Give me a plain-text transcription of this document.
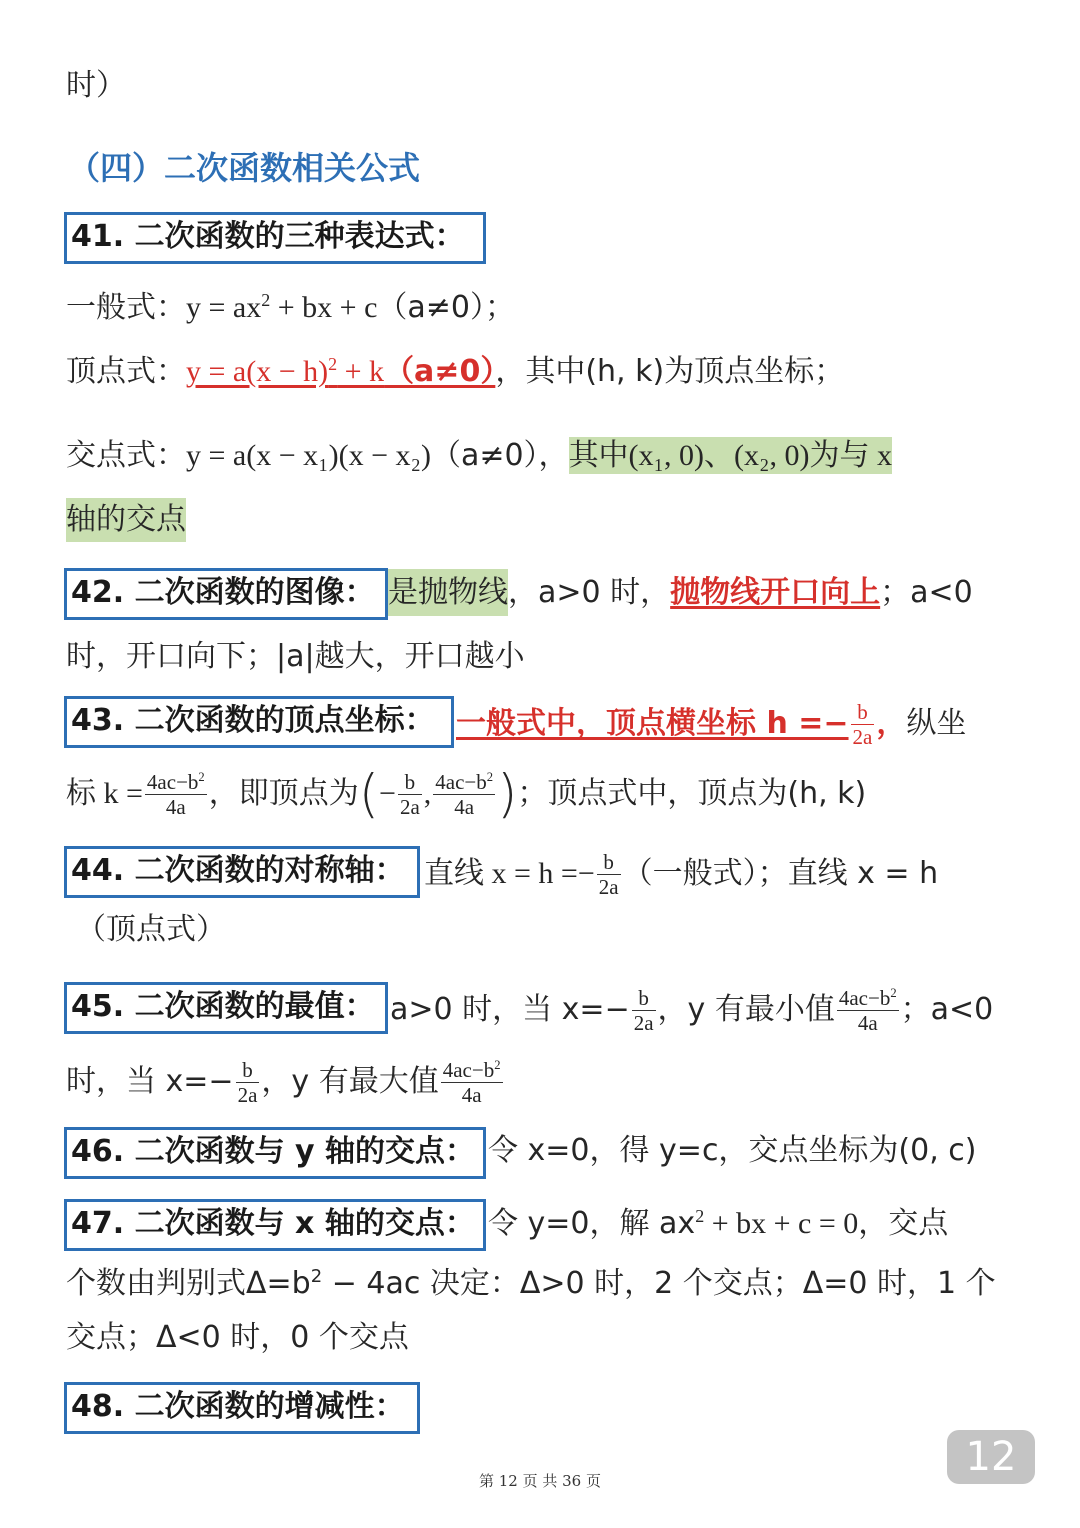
时）
（四）二次函数相关公式
41. 二次函数的三种表达式：
一般式：$y = ax^2$ + bx + c（a≠0）；
顶点式：$y = a(x - h)^2 + k(a\ne 0)$，其中(h, k)为顶点坐标；
交点式：y = a(x − x₁)(x − x₂)（a≠0），其中(x₁, 0)、(x₂, 0)为与 x
轴的交点
42. 二次函数的图像： 是抛物线，a>0 时，抛物线开口向上；a<0
时，开口向下；|a|越大，开口越小
43. 二次函数的顶点坐标： 一般式中，顶点横坐标 $h =- \frac{b}{2a}$ ，纵坐
标 $k = \frac{4ac-b^2}{4a}$ ，即顶点为(− $\frac{b}{2a}$ , $\frac{4ac-b^2}{4a}$ )；顶点式中，顶点为(h, k)
44. 二次函数的对称轴： 直线 $x = h =- \frac{b}{2a}$ （一般式）；直线 x = h
（顶点式）
45. 二次函数的最值： a>0 时，当 $x=- \frac{b}{2a}$ ，y 有最小值 $\frac{4ac-b^2}{4a}$ ；a<0
时，当 $x=- \frac{b}{2a}$ ，y 有最大值 $\frac{4ac-b^2}{4a}$
46. 二次函数与 y 轴的交点： 令 x=0，得 y=c，交点坐标为(0, c)
47. 二次函数与 x 轴的交点： 令 y=0，解 $ax^2$ + bx + c = 0，交点
个数由判别式$\Delta=b^2 - 4ac$ 决定：Δ>0 时，2 个交点；Δ=0 时，1 个
交点；Δ<0 时，0 个交点
48. 二次函数的增减性：
12
第 12 页 共 36 页
